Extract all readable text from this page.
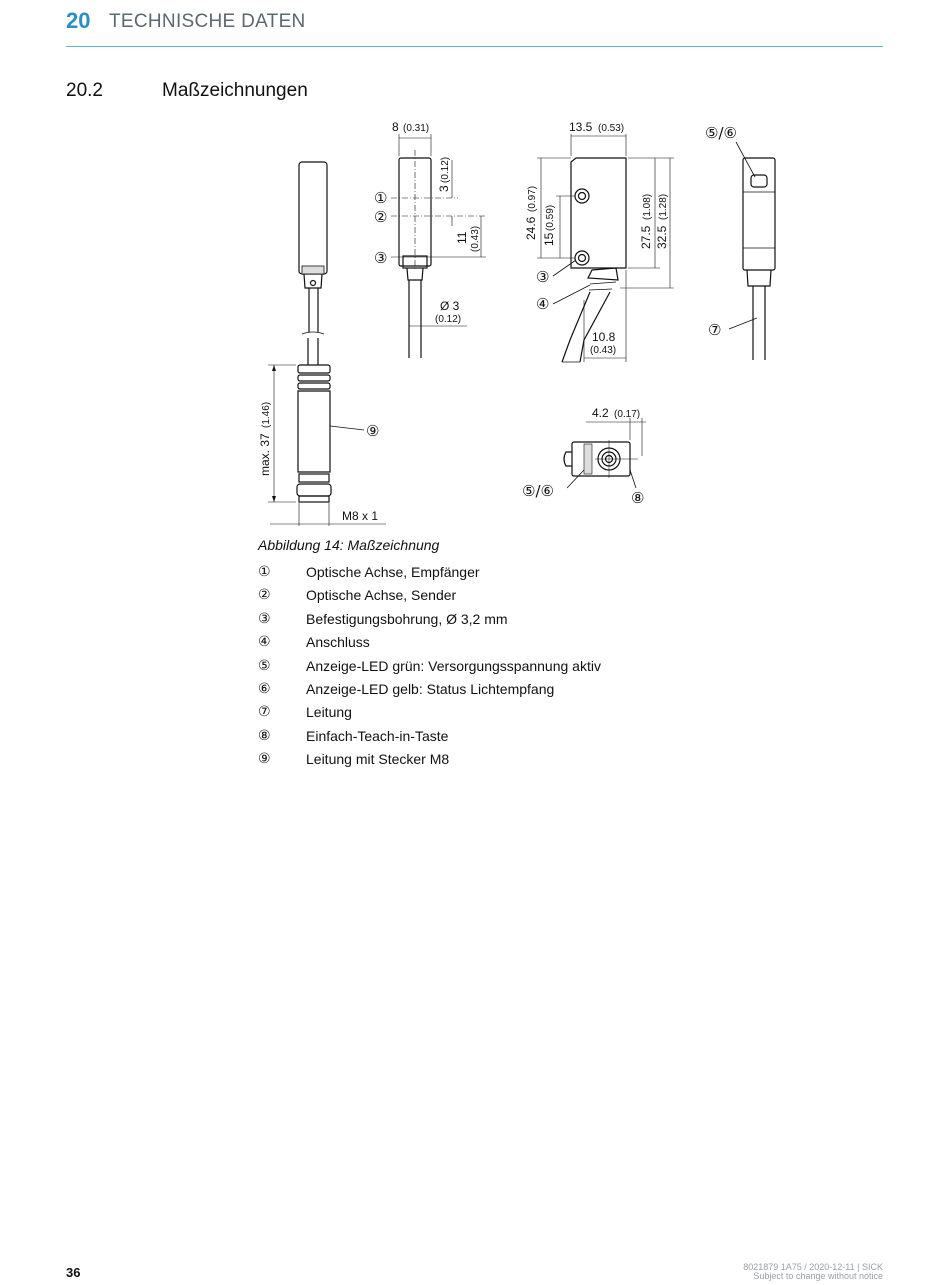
20 TECHNISCHE DATEN
20.2	Maßzeichnungen
8 (0.31)
3
(0.12)
11 (0.43)
Ø 3
(0.12)
13.5 (0.53)
24.6
(0.97)
15
(0.59)
27.5
(1.08)
32.5
(1.28)
10.8
(0.43)
max. 37
(1.46)
M8 x 1
4.2 (0.17)
①
②
③
⑨
③
④
⑤/⑥
⑦
⑤/⑥	⑧
Abbildung 14: Maßzeichnung
①	Optische Achse, Empfänger
②	Optische Achse, Sender
③	Befestigungsbohrung, Ø 3,2 mm
④	Anschluss
⑤	Anzeige-LED grün: Versorgungsspannung aktiv
⑥	Anzeige-LED gelb: Status Lichtempfang
⑦	Leitung
⑧	Einfach-Teach-in-Taste
⑨	Leitung mit Stecker M8
36	8021879 1A75 / 2020-12-11 | SICK
Subject to change without notice
